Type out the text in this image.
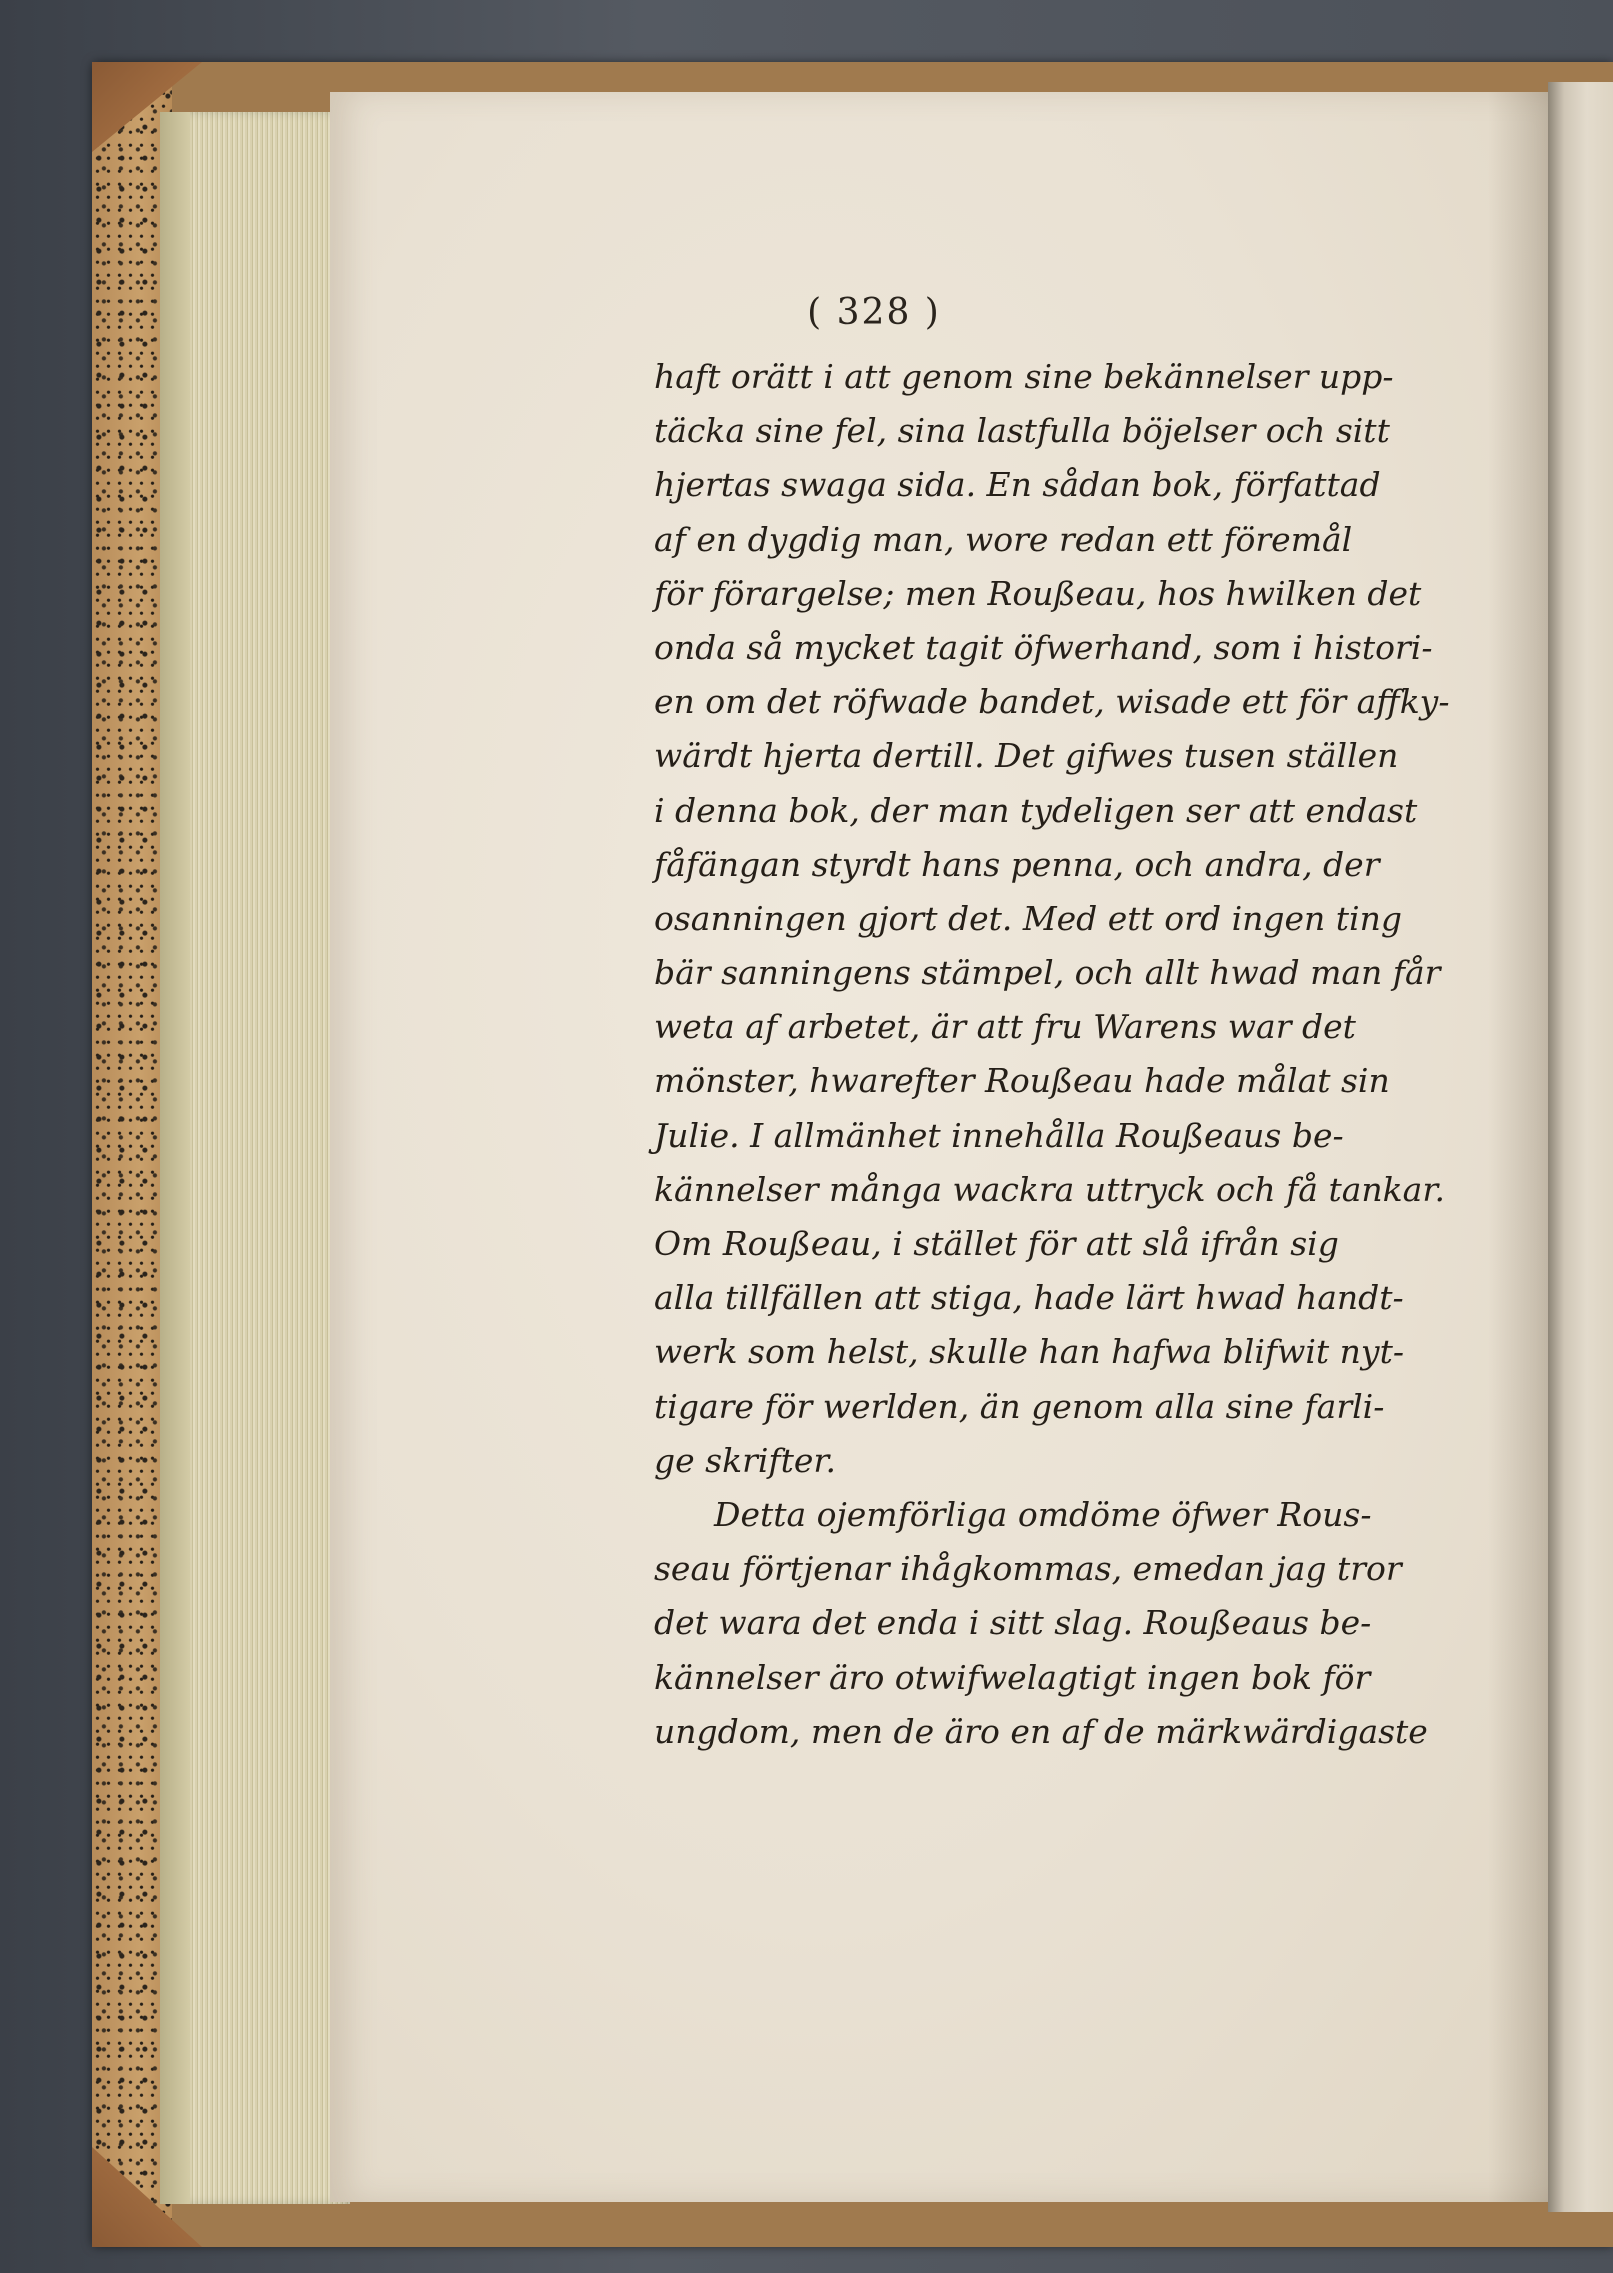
( 328 )
haft orätt i att genom sine bekännelser upp-
täcka sine fel, sina lastfulla böjelser och sitt
hjertas swaga sida. En sådan bok, författad
af en dygdig man, wore redan ett föremål
för förargelse; men Roußeau, hos hwilken det
onda så mycket tagit öfwerhand, som i histori-
en om det röfwade bandet, wisade ett för affky-
wärdt hjerta dertill. Det gifwes tusen ställen
i denna bok, der man tydeligen ser att endast
fåfängan styrdt hans penna, och andra, der
osanningen gjort det. Med ett ord ingen ting
bär sanningens stämpel, och allt hwad man får
weta af arbetet, är att fru Warens war det
mönster, hwarefter Roußeau hade målat sin
Julie. I allmänhet innehålla Roußeaus be-
kännelser många wackra uttryck och få tankar.
Om Roußeau, i stället för att slå ifrån sig
alla tillfällen att stiga, hade lärt hwad handt-
werk som helst, skulle han hafwa blifwit nyt-
tigare för werlden, än genom alla sine farli-
ge skrifter.
Detta ojemförliga omdöme öfwer Rous-
seau förtjenar ihågkommas, emedan jag tror
det wara det enda i sitt slag. Roußeaus be-
kännelser äro otwifwelagtigt ingen bok för
ungdom, men de äro en af de märkwärdigaste
